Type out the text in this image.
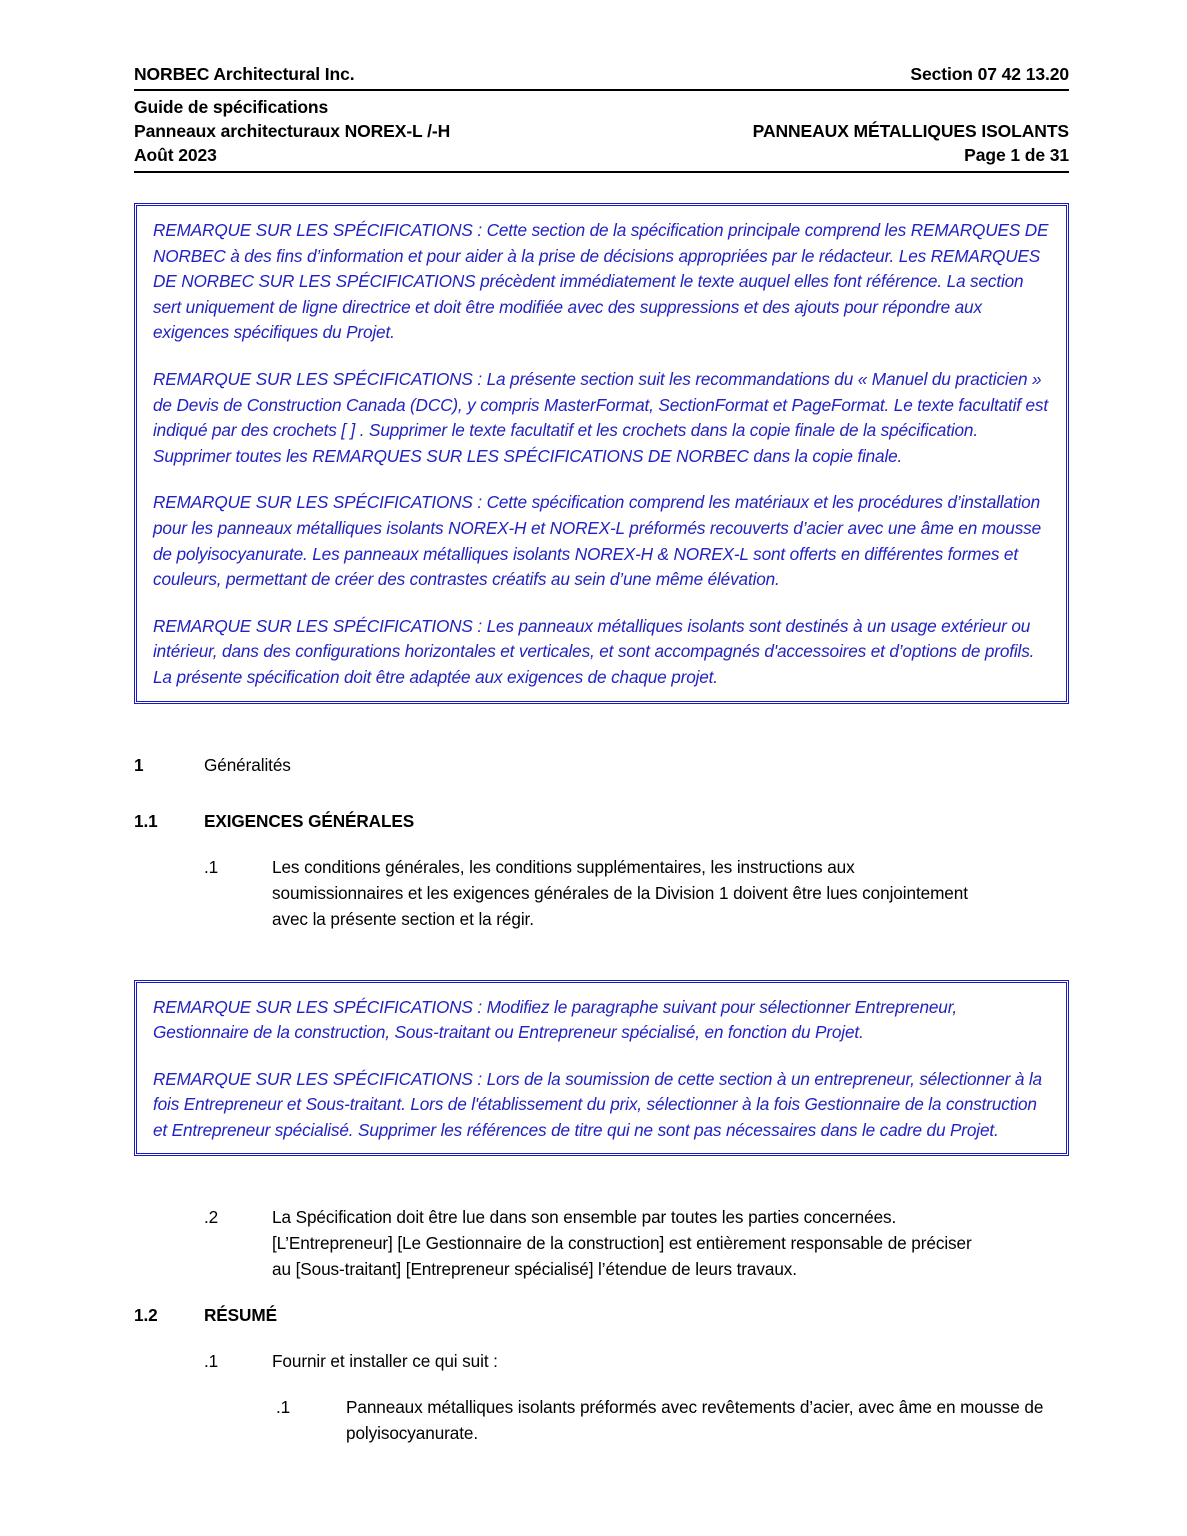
NORBEC Architectural Inc.	Section 07 42 13.20
Guide de spécifications
Panneaux architecturaux NOREX-L /-H
Août 2023

PANNEAUX MÉTALLIQUES ISOLANTS
Page 1 de 31

REMARQUE SUR LES SPÉCIFICATIONS : Cette section de la spécification principale comprend les REMARQUES DE NORBEC à des fins d’information et pour aider à la prise de décisions appropriées par le rédacteur. Les REMARQUES DE NORBEC SUR LES SPÉCIFICATIONS précèdent immédiatement le texte auquel elles font référence. La section sert uniquement de ligne directrice et doit être modifiée avec des suppressions et des ajouts pour répondre aux exigences spécifiques du Projet.

REMARQUE SUR LES SPÉCIFICATIONS : La présente section suit les recommandations du « Manuel du practicien » de Devis de Construction Canada (DCC), y compris MasterFormat, SectionFormat et PageFormat. Le texte facultatif est indiqué par des crochets [ ] . Supprimer le texte facultatif et les crochets dans la copie finale de la spécification. Supprimer toutes les REMARQUES SUR LES SPÉCIFICATIONS DE NORBEC dans la copie finale.

REMARQUE SUR LES SPÉCIFICATIONS : Cette spécification comprend les matériaux et les procédures d’installation pour les panneaux métalliques isolants NOREX-H et NOREX-L préformés recouverts d’acier avec une âme en mousse de polyisocyanurate. Les panneaux métalliques isolants NOREX-H & NOREX-L sont offerts en différentes formes et couleurs, permettant de créer des contrastes créatifs au sein d’une même élévation.

REMARQUE SUR LES SPÉCIFICATIONS : Les panneaux métalliques isolants sont destinés à un usage extérieur ou intérieur, dans des configurations horizontales et verticales, et sont accompagnés d'accessoires et d’options de profils. La présente spécification doit être adaptée aux exigences de chaque projet.

1	Généralités
1.1	EXIGENCES GÉNÉRALES
.1	Les conditions générales, les conditions supplémentaires, les instructions aux soumissionnaires et les exigences générales de la Division 1 doivent être lues conjointement avec la présente section et la régir.

REMARQUE SUR LES SPÉCIFICATIONS : Modifiez le paragraphe suivant pour sélectionner Entrepreneur, Gestionnaire de la construction, Sous-traitant ou Entrepreneur spécialisé, en fonction du Projet.

REMARQUE SUR LES SPÉCIFICATIONS : Lors de la soumission de cette section à un entrepreneur, sélectionner à la fois Entrepreneur et Sous-traitant. Lors de l'établissement du prix, sélectionner à la fois Gestionnaire de la construction et Entrepreneur spécialisé. Supprimer les références de titre qui ne sont pas nécessaires dans le cadre du Projet.

.2	La Spécification doit être lue dans son ensemble par toutes les parties concernées. [L’Entrepreneur] [Le Gestionnaire de la construction] est entièrement responsable de préciser au [Sous-traitant] [Entrepreneur spécialisé] l’étendue de leurs travaux.
1.2	RÉSUMÉ
.1	Fournir et installer ce qui suit :
.1	Panneaux métalliques isolants préformés avec revêtements d’acier, avec âme en mousse de polyisocyanurate.
